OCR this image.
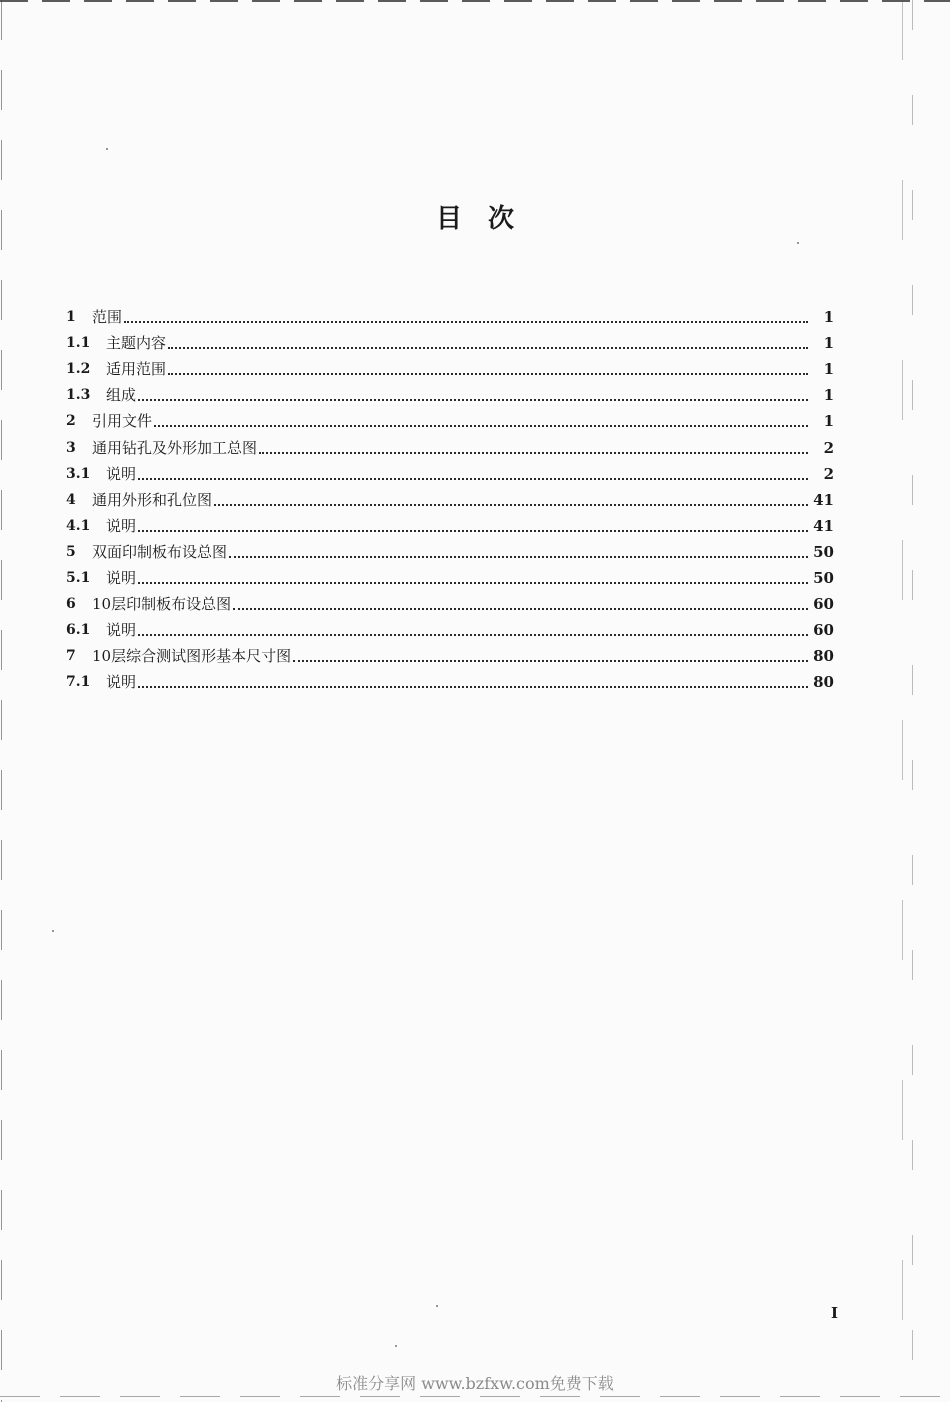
目　次
1	范围	1
1.1	主题内容	1
1.2	适用范围	1
1.3	组成	1
2	引用文件	1
3	通用钻孔及外形加工总图	2
3.1	说明	2
4	通用外形和孔位图	41
4.1	说明	41
5	双面印制板布设总图	50
5.1	说明	50
6	10层印制板布设总图	60
6.1	说明	60
7	10层综合测试图形基本尺寸图	80
7.1	说明	80
I
标准分享网 www.bzfxw.com免费下载
